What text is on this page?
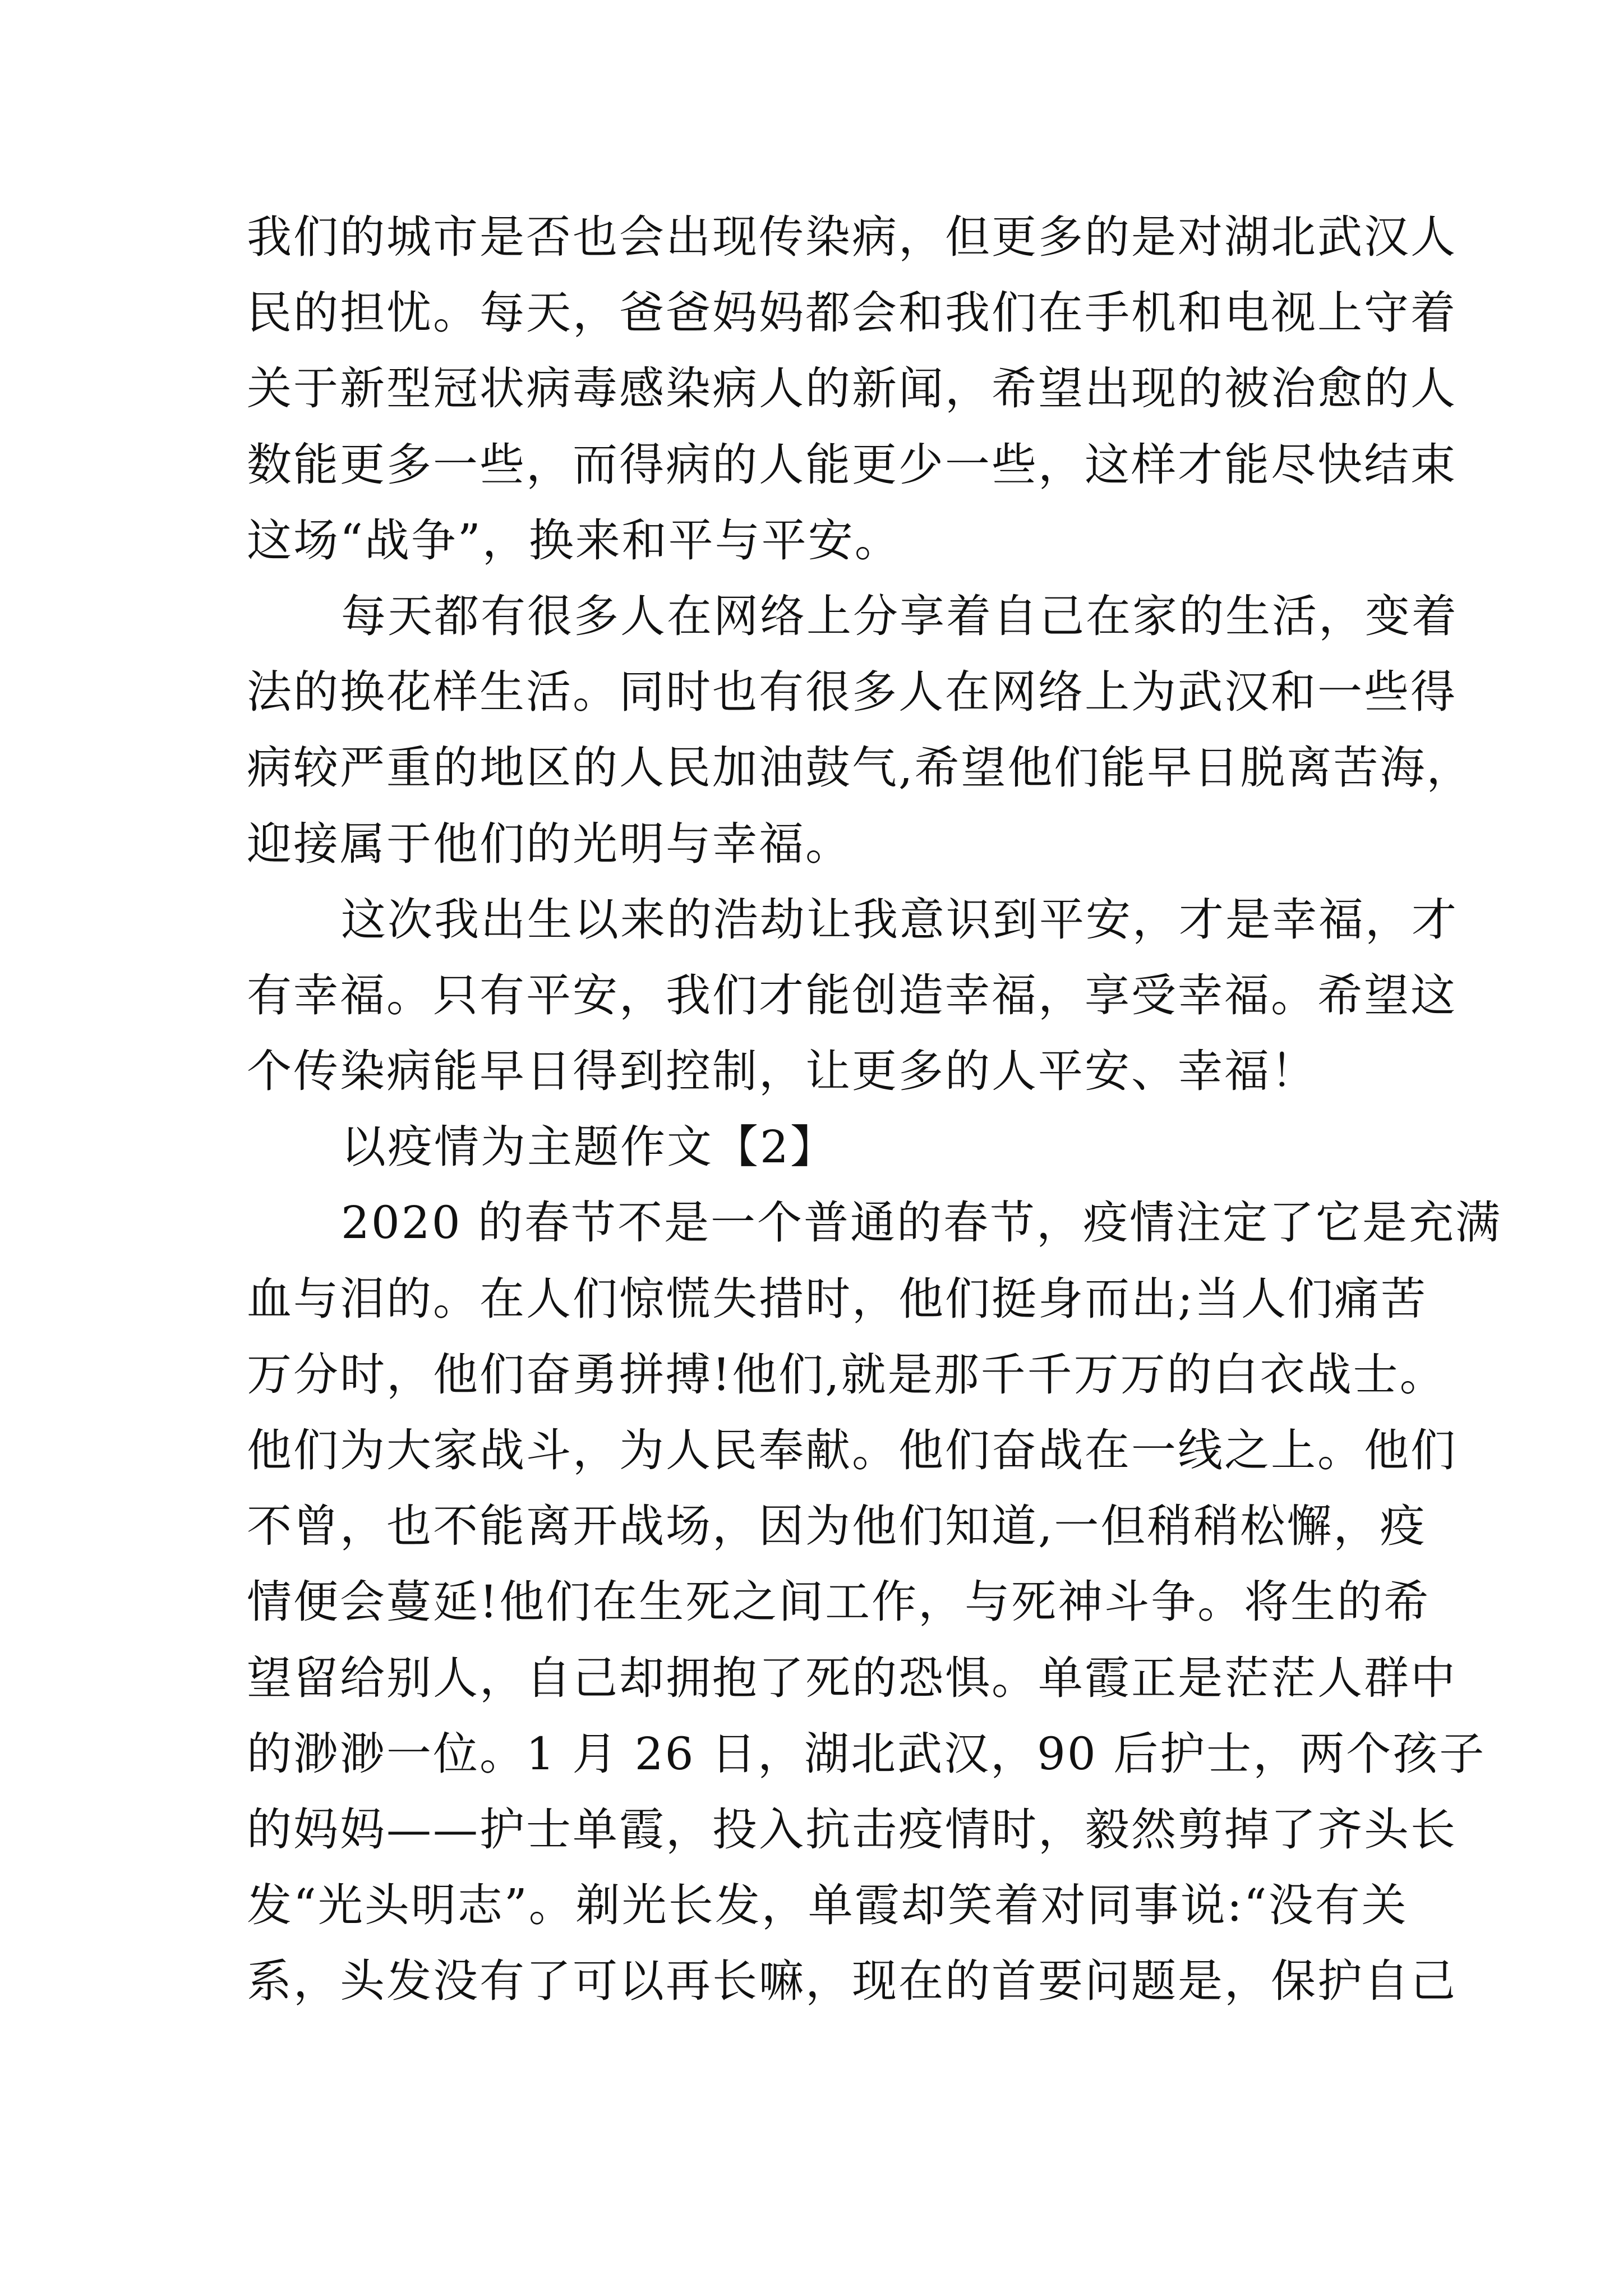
我们的城市是否也会出现传染病，但更多的是对湖北武汉人
民的担忧。每天，爸爸妈妈都会和我们在手机和电视上守着
关于新型冠状病毒感染病人的新闻，希望出现的被治愈的人
数能更多一些，而得病的人能更少一些，这样才能尽快结束
这场“战争”，换来和平与平安。
每天都有很多人在网络上分享着自己在家的生活，变着
法的换花样生活。同时也有很多人在网络上为武汉和一些得
病较严重的地区的人民加油鼓气,希望他们能早日脱离苦海，
迎接属于他们的光明与幸福。
这次我出生以来的浩劫让我意识到平安，才是幸福，才
有幸福。只有平安，我们才能创造幸福，享受幸福。希望这
个传染病能早日得到控制，让更多的人平安、幸福！
以疫情为主题作文【2】
2020 的春节不是一个普通的春节，疫情注定了它是充满
血与泪的。在人们惊慌失措时，他们挺身而出;当人们痛苦
万分时，他们奋勇拼搏!他们,就是那千千万万的白衣战士。
他们为大家战斗，为人民奉献。他们奋战在一线之上。他们
不曾，也不能离开战场，因为他们知道,一但稍稍松懈，疫
情便会蔓延!他们在生死之间工作，与死神斗争。将生的希
望留给别人，自己却拥抱了死的恐惧。单霞正是茫茫人群中
的渺渺一位。1 月 26 日，湖北武汉，90 后护士，两个孩子
的妈妈——护士单霞，投入抗击疫情时，毅然剪掉了齐头长
发“光头明志”。剃光长发，单霞却笑着对同事说:“没有关
系，头发没有了可以再长嘛，现在的首要问题是，保护自己
